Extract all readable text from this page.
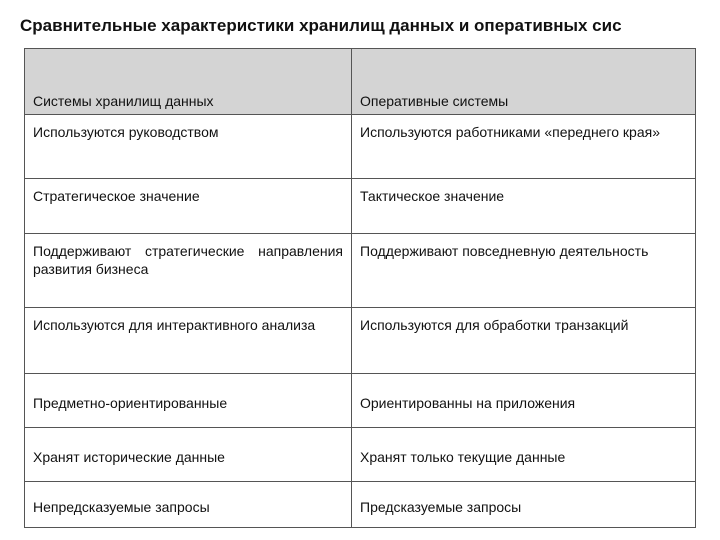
Сравнительные характеристики хранилищ данных и оперативных сис
Системы хранилищ данных	Оперативные системы
Используются руководством	Используются работниками «переднего края»
Стратегическое значение	Тактическое значение
Поддерживают стратегические направления развития бизнеса	Поддерживают повседневную деятельность
Используются для интерактивного анализа	Используются для обработки транзакций
Предметно-ориентированные	Ориентированны на приложения
Хранят исторические данные	Хранят только текущие данные
Непредсказуемые запросы	Предсказуемые запросы
